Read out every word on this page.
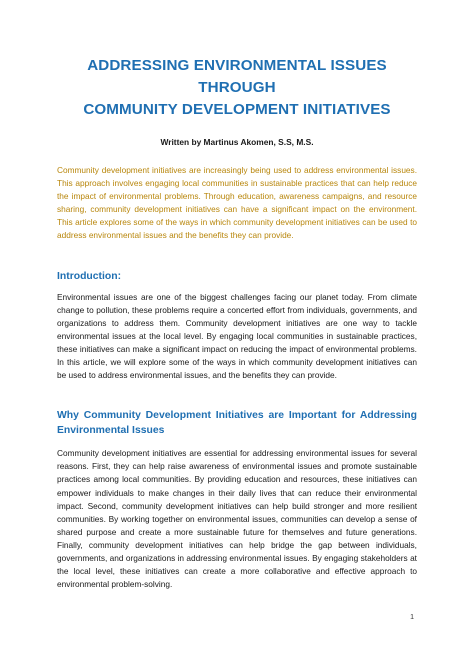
ADDRESSING ENVIRONMENTAL ISSUES THROUGH
COMMUNITY DEVELOPMENT INITIATIVES

Written by Martinus Akomen, S.S, M.S.

Community development initiatives are increasingly being used to address environmental issues. This approach involves engaging local communities in sustainable practices that can help reduce the impact of environmental problems. Through education, awareness campaigns, and resource sharing, community development initiatives can have a significant impact on the environment. This article explores some of the ways in which community development initiatives can be used to address environmental issues and the benefits they can provide.

Introduction:

Environmental issues are one of the biggest challenges facing our planet today. From climate change to pollution, these problems require a concerted effort from individuals, governments, and organizations to address them. Community development initiatives are one way to tackle environmental issues at the local level. By engaging local communities in sustainable practices, these initiatives can make a significant impact on reducing the impact of environmental problems. In this article, we will explore some of the ways in which community development initiatives can be used to address environmental issues, and the benefits they can provide.

Why Community Development Initiatives are Important for Addressing Environmental Issues

Community development initiatives are essential for addressing environmental issues for several reasons. First, they can help raise awareness of environmental issues and promote sustainable practices among local communities. By providing education and resources, these initiatives can empower individuals to make changes in their daily lives that can reduce their environmental impact. Second, community development initiatives can help build stronger and more resilient communities. By working together on environmental issues, communities can develop a sense of shared purpose and create a more sustainable future for themselves and future generations. Finally, community development initiatives can help bridge the gap between individuals, governments, and organizations in addressing environmental issues. By engaging stakeholders at the local level, these initiatives can create a more collaborative and effective approach to environmental problem-solving.

1
